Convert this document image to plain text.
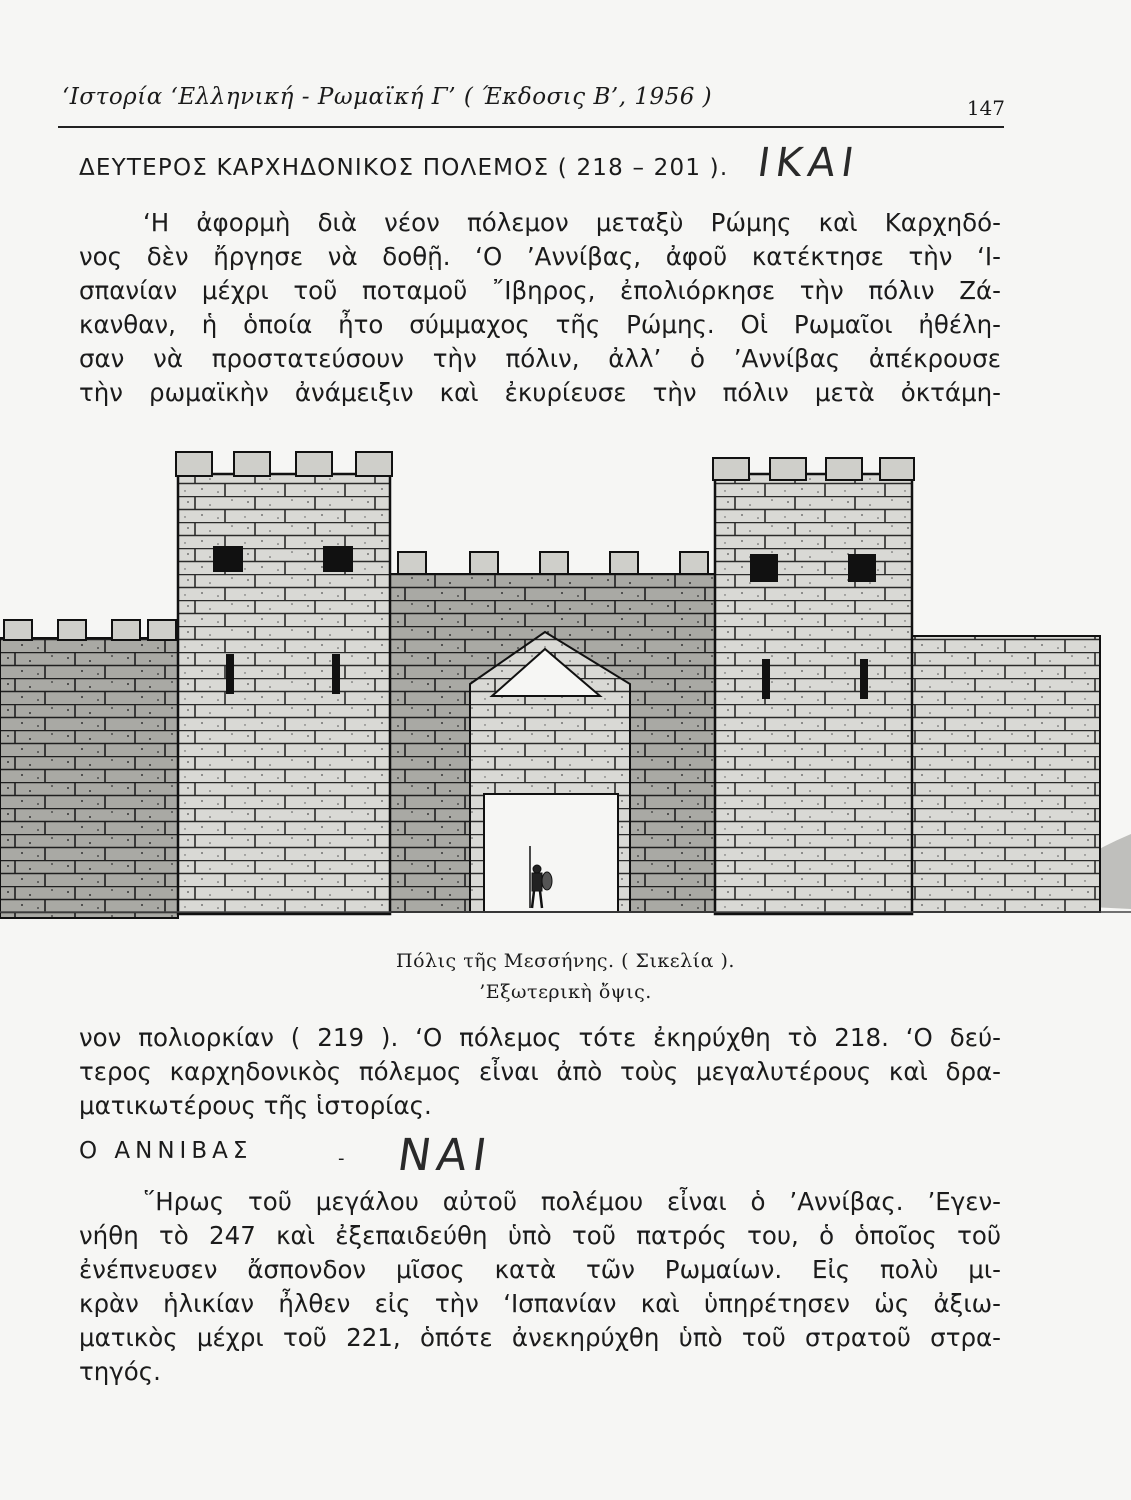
‘Ιστορία ‘Ελληνική - Ρωμαϊκή Γ’ ( Έκδοσις Β’, 1956 )	147
ΔΕΥΤΕΡΟΣ ΚΑΡΧΗΔΟΝΙΚΟΣ ΠΟΛΕΜΟΣ ( 218 – 201 ). ΙΚΑΙ
‘Η ἀφορμὴ διὰ νέον πόλεμον μεταξὺ Ρώμης καὶ Καρχηδό-
νος δὲν ἤργησε νὰ δοθῇ. ‘Ο ’Αννίβας, ἀφοῦ κατέκτησε τὴν ‘Ι-
σπανίαν μέχρι τοῦ ποταμοῦ ῎Ιβηρος, ἐπολιόρκησε τὴν πόλιν Ζά-
κανθαν, ἡ ὁποία ἦτο σύμμαχος τῆς Ρώμης. Οἱ Ρωμαῖοι ἠθέλη-
σαν νὰ προστατεύσουν τὴν πόλιν, ἀλλ’ ὁ ’Αννίβας ἀπέκρουσε
τὴν ρωμαϊκὴν ἀνάμειξιν καὶ ἐκυρίευσε τὴν πόλιν μετὰ ὀκτάμη-
Πόλις τῆς Μεσσήνης. ( Σικελία ).
’Εξωτερικὴ ὄψις.
νον πολιορκίαν ( 219 ). ‘Ο πόλεμος τότε ἐκηρύχθη τὸ 218. ‘Ο δεύ-
τερος καρχηδονικὸς πόλεμος εἶναι ἀπὸ τοὺς μεγαλυτέρους καὶ δρα-
ματικωτέρους τῆς ἱστορίας.
Ο ΑΝΝΙΒΑΣ	- ΝΑΙ
῞Ηρως τοῦ μεγάλου αὐτοῦ πολέμου εἶναι ὁ ’Αννίβας. ’Εγεν-
νήθη τὸ 247 καὶ ἐξεπαιδεύθη ὑπὸ τοῦ πατρός του, ὁ ὁποῖος τοῦ
ἐνέπνευσεν ἄσπονδον μῖσος κατὰ τῶν Ρωμαίων. Εἰς πολὺ μι-
κρὰν ἡλικίαν ἦλθεν εἰς τὴν ‘Ισπανίαν καὶ ὑπηρέτησεν ὡς ἀξιω-
ματικὸς μέχρι τοῦ 221, ὁπότε ἀνεκηρύχθη ὑπὸ τοῦ στρατοῦ στρα-
τηγός.
